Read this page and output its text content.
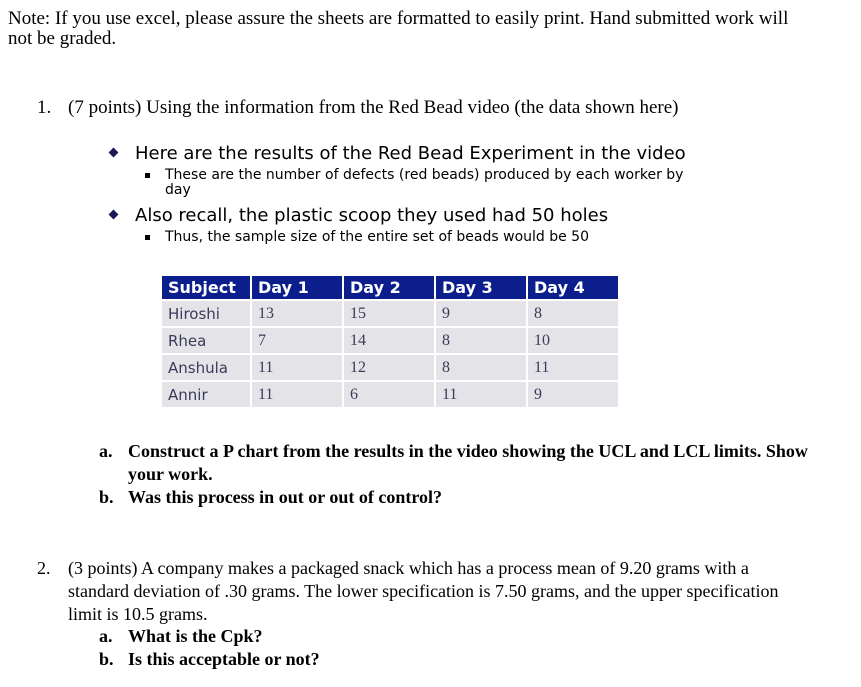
Note: If you use excel, please assure the sheets are formatted to easily print. Hand submitted work will not be graded.
1. (7 points) Using the information from the Red Bead video (the data shown here)
Here are the results of the Red Bead Experiment in the video
These are the number of defects (red beads) produced by each worker by day
Also recall, the plastic scoop they used had 50 holes
Thus, the sample size of the entire set of beads would be 50
Subject	Day 1	Day 2	Day 3	Day 4
Hiroshi	13	15	9	8
Rhea	7	14	8	10
Anshula	11	12	8	11
Annir	11	6	11	9
a. Construct a P chart from the results in the video showing the UCL and LCL limits. Show your work.
b. Was this process in out or out of control?
2. (3 points) A company makes a packaged snack which has a process mean of 9.20 grams with a standard deviation of .30 grams. The lower specification is 7.50 grams, and the upper specification limit is 10.5 grams.
a. What is the Cpk?
b. Is this acceptable or not?
